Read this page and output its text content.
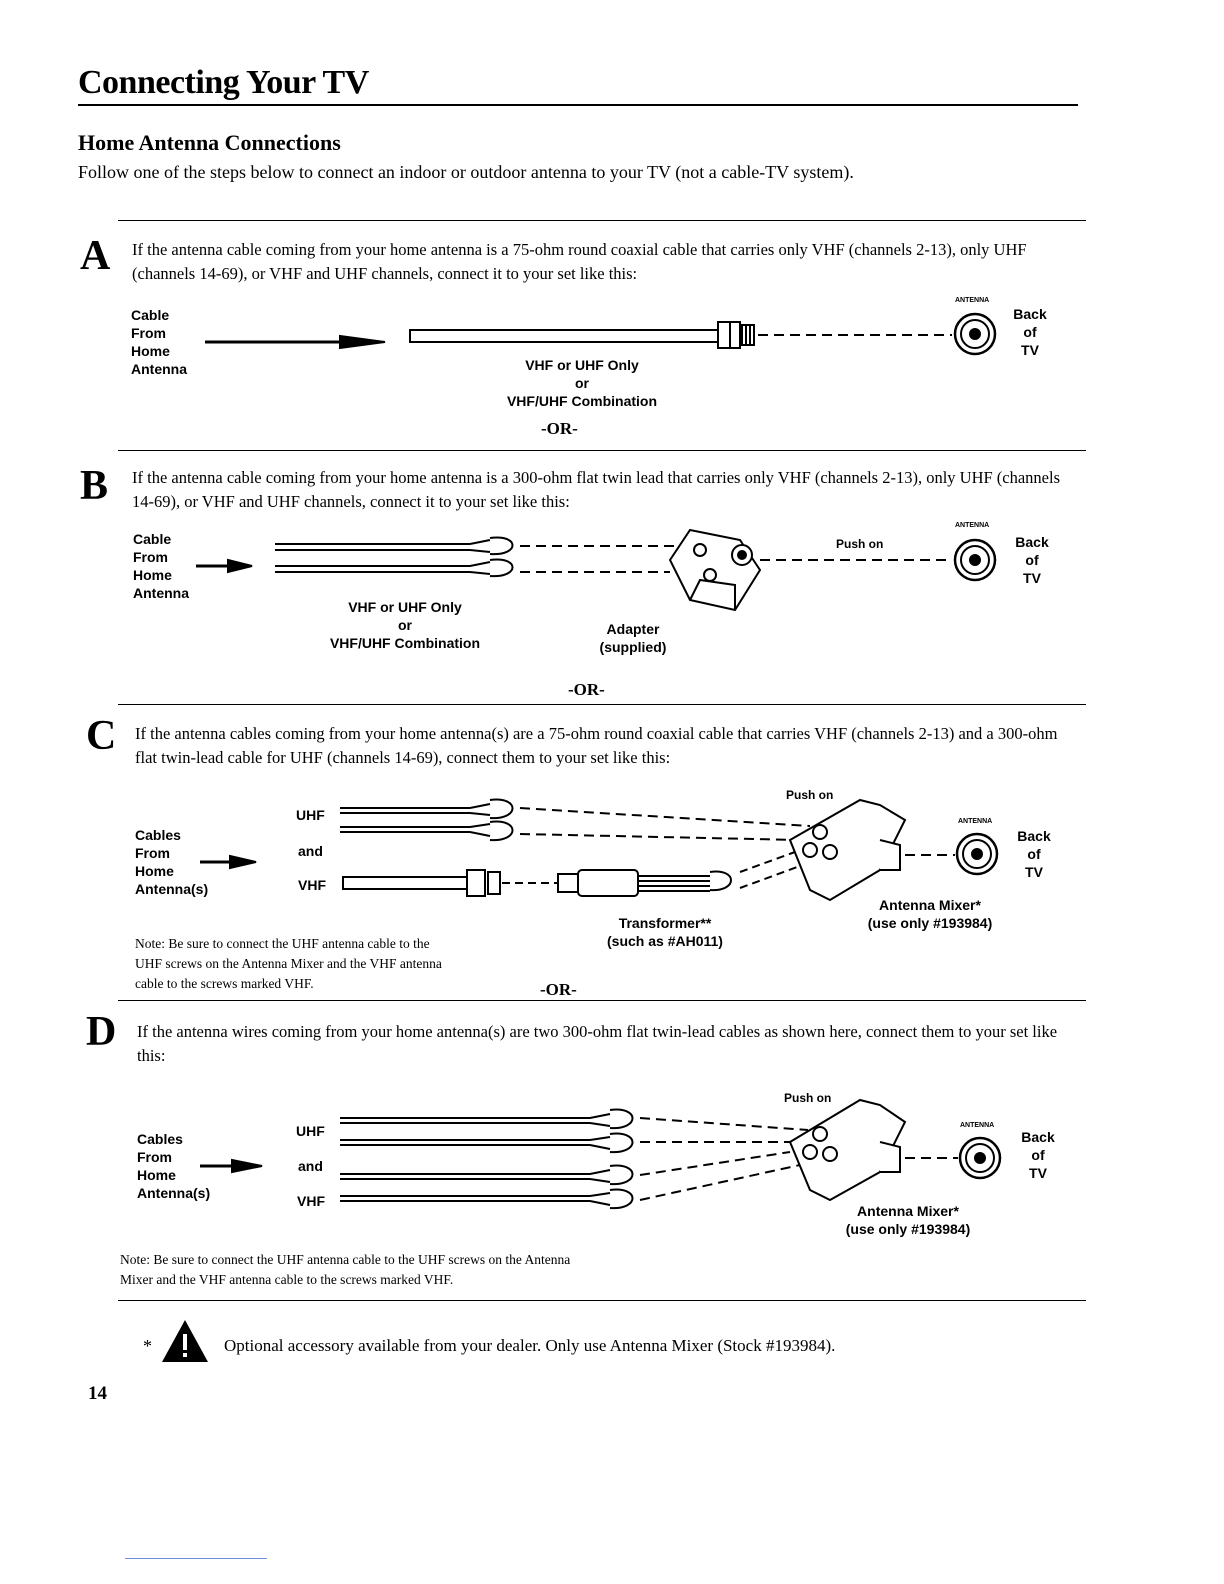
Connecting Your TV
Home Antenna Connections
Follow one of the steps below to connect an indoor or outdoor antenna to your TV (not a cable-TV system).
A If the antenna cable coming from your home antenna is a 75-ohm round coaxial cable that carries only VHF (channels 2-13), only UHF (channels 14-69), or VHF and UHF channels, connect it to your set like this:
Cable
From
Home
Antenna	VHF or UHF Only
or
VHF/UHF Combination
ANTENNA
Back
of
TV
-OR-
B If the antenna cable coming from your home antenna is a 300-ohm flat twin lead that carries only VHF (channels 2-13), only UHF (channels 14-69), or VHF and UHF channels, connect it to your set like this:
Cable
From
Home
Antenna
VHF or UHF Only
or
VHF/UHF Combination
Adapter
(supplied)
Push on
ANTENNA
Back
of
TV
-OR-
C If the antenna cables coming from your home antenna(s) are a 75-ohm round coaxial cable that carries VHF (channels 2-13) and a 300-ohm flat twin-lead cable for UHF (channels 14-69), connect them to your set like this:
Cables
From
Home
Antenna(s)
UHF
and
VHF
Push on
ANTENNA
Back
of
TV
Transformer**
(such as #AH011)
Antenna Mixer*
(use only #193984)
Note: Be sure to connect the UHF antenna cable to the
UHF screws on the Antenna Mixer and the VHF antenna
cable to the screws marked VHF.	-OR-
D If the antenna wires coming from your home antenna(s) are two 300-ohm flat twin-lead cables as shown here, connect them to your set like this:
Cables
From
Home
Antenna(s)
UHF
and
VHF
Push on
ANTENNA
Back
of
TV
Antenna Mixer*
(use only #193984)
Note: Be sure to connect the UHF antenna cable to the UHF screws on the Antenna
Mixer and the VHF antenna cable to the screws marked VHF.
*	Optional accessory available from your dealer. Only use Antenna Mixer (Stock #193984).
14
